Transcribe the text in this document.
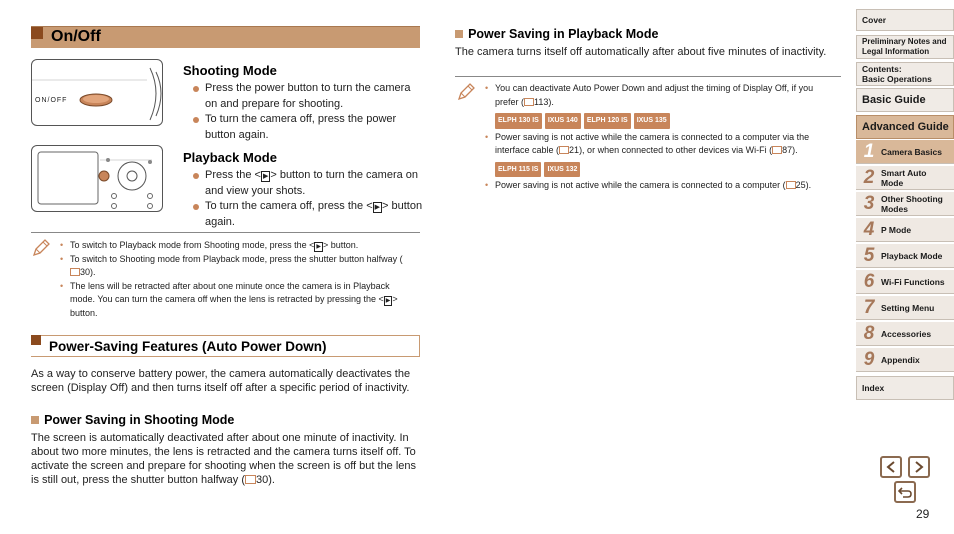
On/Off
ON/OFF
Shooting Mode
Press the power button to turn the camera on and prepare for shooting.
To turn the camera off, press the power button again.
Playback Mode
Press the < ▶ > button to turn the camera on and view your shots.
To turn the camera off, press the < ▶ > button again.
• To switch to Playback mode from Shooting mode, press the < ▶ > button.
• To switch to Shooting mode from Playback mode, press the shutter button halfway (30).
• The lens will be retracted after about one minute once the camera is in Playback mode. You can turn the camera off when the lens is retracted by pressing the < ▶ > button.
Power-Saving Features (Auto Power Down)
As a way to conserve battery power, the camera automatically deactivates the screen (Display Off) and then turns itself off after a specific period of inactivity.
Power Saving in Shooting Mode
The screen is automatically deactivated after about one minute of inactivity. In about two more minutes, the lens is retracted and the camera turns itself off. To activate the screen and prepare for shooting when the screen is off but the lens is still out, press the shutter button halfway ( 30).
Power Saving in Playback Mode
The camera turns itself off automatically after about five minutes of inactivity.
• You can deactivate Auto Power Down and adjust the timing of Display Off, if you prefer ( 113).
ELPH 130 IS IXUS 140 ELPH 120 IS IXUS 135
• Power saving is not active while the camera is connected to a computer via the interface cable ( 21), or when connected to other devices via Wi-Fi ( 87).
ELPH 115 IS IXUS 132
• Power saving is not active while the camera is connected to a computer ( 25).
Cover
Preliminary Notes and Legal Information
Contents:
Basic Operations
Basic Guide
Advanced Guide
1 Camera Basics
2 Smart Auto Mode
3 Other Shooting Modes
4 P Mode
5 Playback Mode
6 Wi-Fi Functions
7 Setting Menu
8 Accessories
9 Appendix
Index
29
